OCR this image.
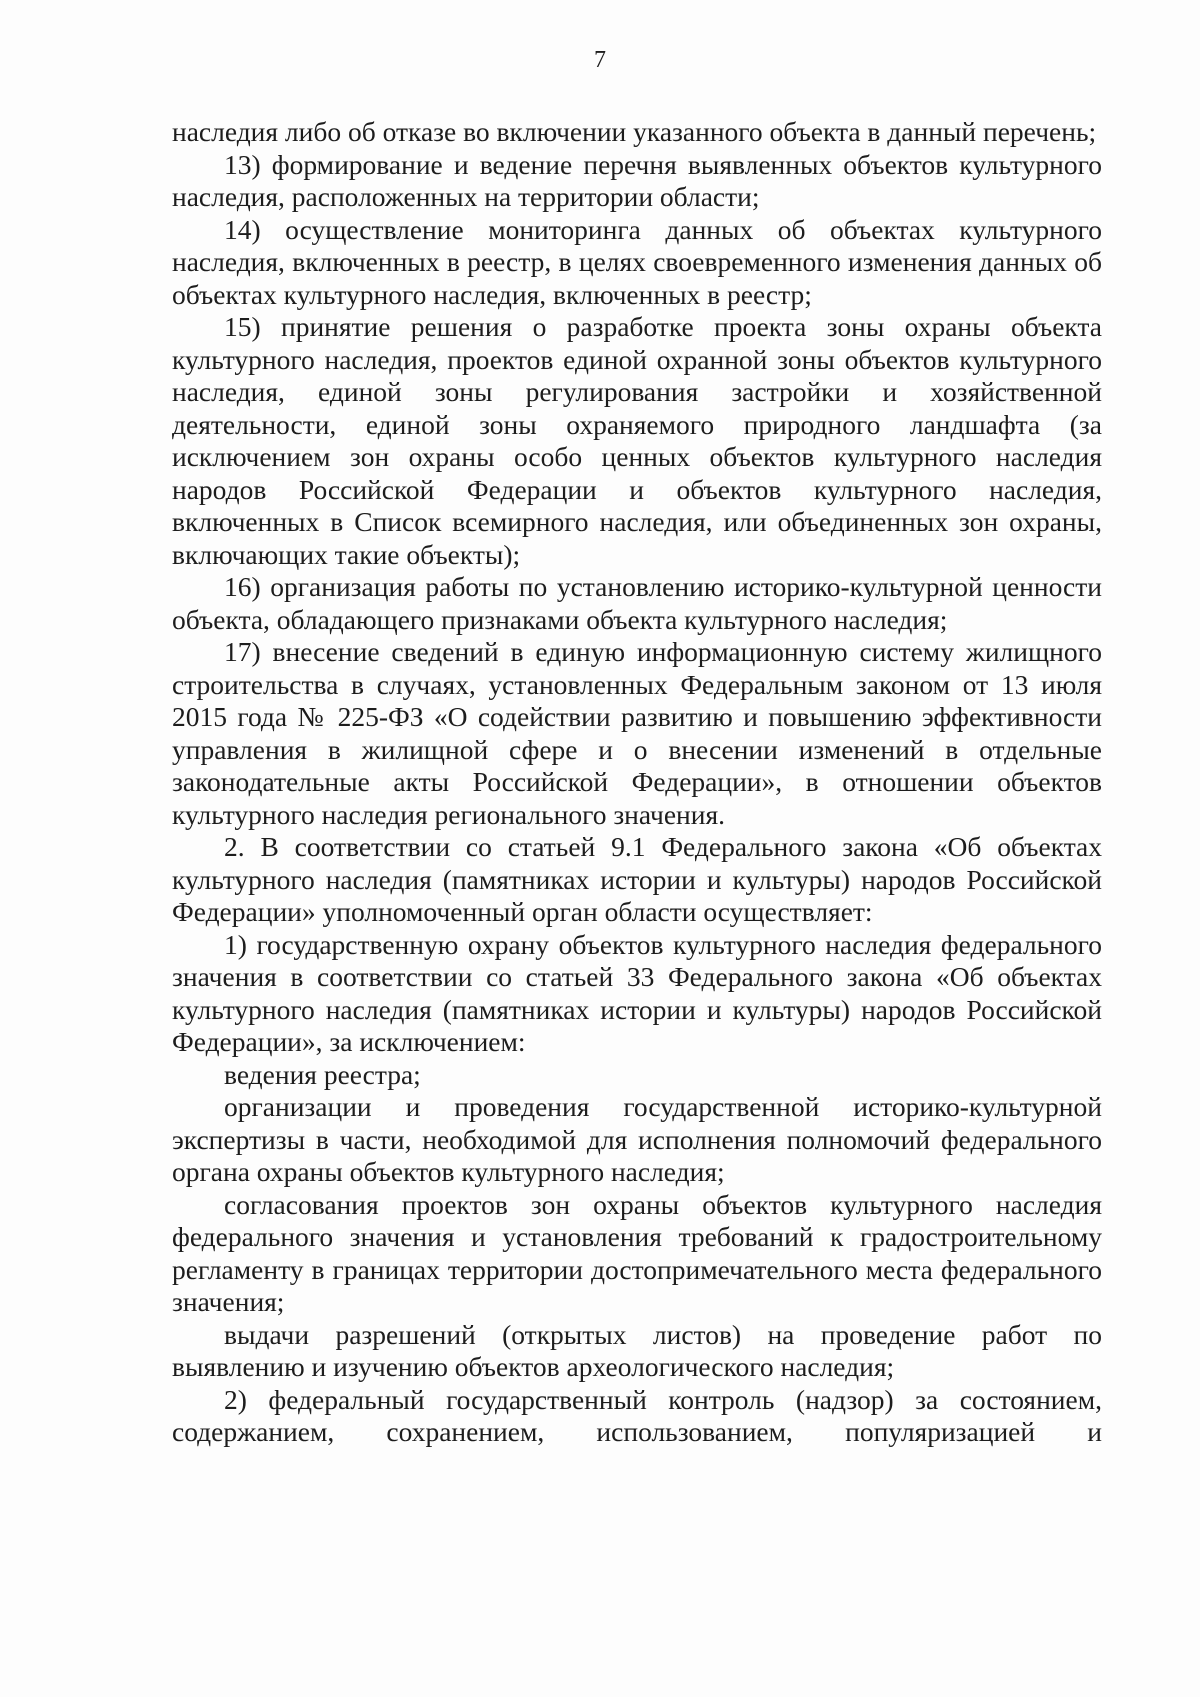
7

наследия либо об отказе во включении указанного объекта в данный перечень;

13) формирование и ведение перечня выявленных объектов культурного наследия, расположенных на территории области;

14) осуществление мониторинга данных об объектах культурного наследия, включенных в реестр, в целях своевременного изменения данных об объектах культурного наследия, включенных в реестр;

15) принятие решения о разработке проекта зоны охраны объекта культурного наследия, проектов единой охранной зоны объектов культурного наследия, единой зоны регулирования застройки и хозяйственной деятельности, единой зоны охраняемого природного ландшафта (за исключением зон охраны особо ценных объектов культурного наследия народов Российской Федерации и объектов культурного наследия, включенных в Список всемирного наследия, или объединенных зон охраны, включающих такие объекты);

16) организация работы по установлению историко-культурной ценности объекта, обладающего признаками объекта культурного наследия;

17) внесение сведений в единую информационную систему жилищного строительства в случаях, установленных Федеральным законом от 13 июля 2015 года № 225-ФЗ «О содействии развитию и повышению эффективности управления в жилищной сфере и о внесении изменений в отдельные законодательные акты Российской Федерации», в отношении объектов культурного наследия регионального значения.

2. В соответствии со статьей 9.1 Федерального закона «Об объектах культурного наследия (памятниках истории и культуры) народов Российской Федерации» уполномоченный орган области осуществляет:

1) государственную охрану объектов культурного наследия федерального значения в соответствии со статьей 33 Федерального закона «Об объектах культурного наследия (памятниках истории и культуры) народов Российской Федерации», за исключением:

ведения реестра;

организации и проведения государственной историко-культурной экспертизы в части, необходимой для исполнения полномочий федерального органа охраны объектов культурного наследия;

согласования проектов зон охраны объектов культурного наследия федерального значения и установления требований к градостроительному регламенту в границах территории достопримечательного места федерального значения;

выдачи разрешений (открытых листов) на проведение работ по выявлению и изучению объектов археологического наследия;

2) федеральный государственный контроль (надзор) за состоянием, содержанием, сохранением, использованием, популяризацией и
